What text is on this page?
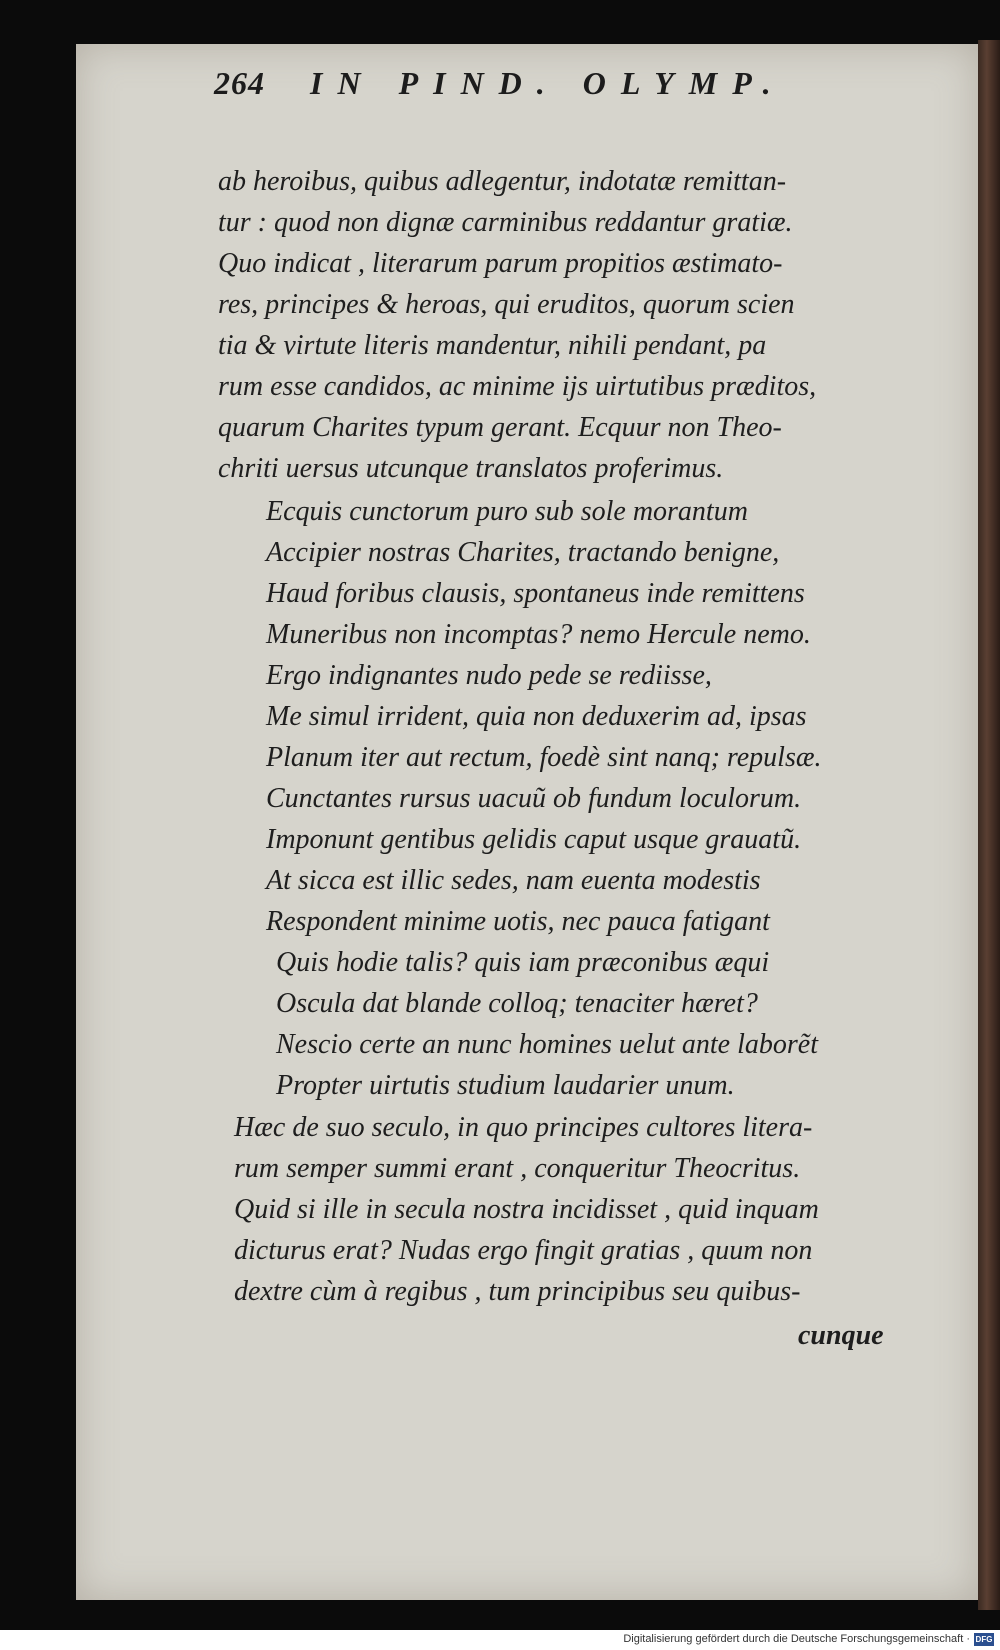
264 IN PIND. OLYMP.
ab heroibus, quibus adlegentur, indotatæ remittan-
tur : quod non dignæ carminibus reddantur gratiæ.
Quo indicat , literarum parum propitios æstimato-
res, principes & heroas, qui eruditos, quorum scien
tia & virtute literis mandentur, nihili pendant, pa
rum esse candidos, ac minime ijs uirtutibus præditos,
quarum Charites typum gerant. Ecquur non Theo-
chriti uersus utcunque translatos proferimus.
Ecquis cunctorum puro sub sole morantum
Accipier nostras Charites, tractando benigne,
Haud foribus clausis, spontaneus inde remittens
Muneribus non incomptas? nemo Hercule nemo.
Ergo indignantes nudo pede se rediisse,
Me simul irrident, quia non deduxerim ad, ipsas
Planum iter aut rectum, foedè sint nanq; repulsæ.
Cunctantes rursus uacuũ ob fundum loculorum.
Imponunt gentibus gelidis caput usque grauatũ.
At sicca est illic sedes, nam euenta modestis
Respondent minime uotis, nec pauca fatigant
Quis hodie talis? quis iam præconibus æqui
Oscula dat blande colloq; tenaciter hæret?
Nescio certe an nunc homines uelut ante laborẽt
Propter uirtutis studium laudarier unum.
Hæc de suo seculo, in quo principes cultores litera-
rum semper summi erant , conqueritur Theocritus.
Quid si ille in secula nostra incidisset , quid inquam
dicturus erat? Nudas ergo fingit gratias , quum non
dextre cùm à regibus , tum principibus seu quibus-
cunque
Digitalisierung gefördert durch die Deutsche Forschungsgemeinschaft · DFG
